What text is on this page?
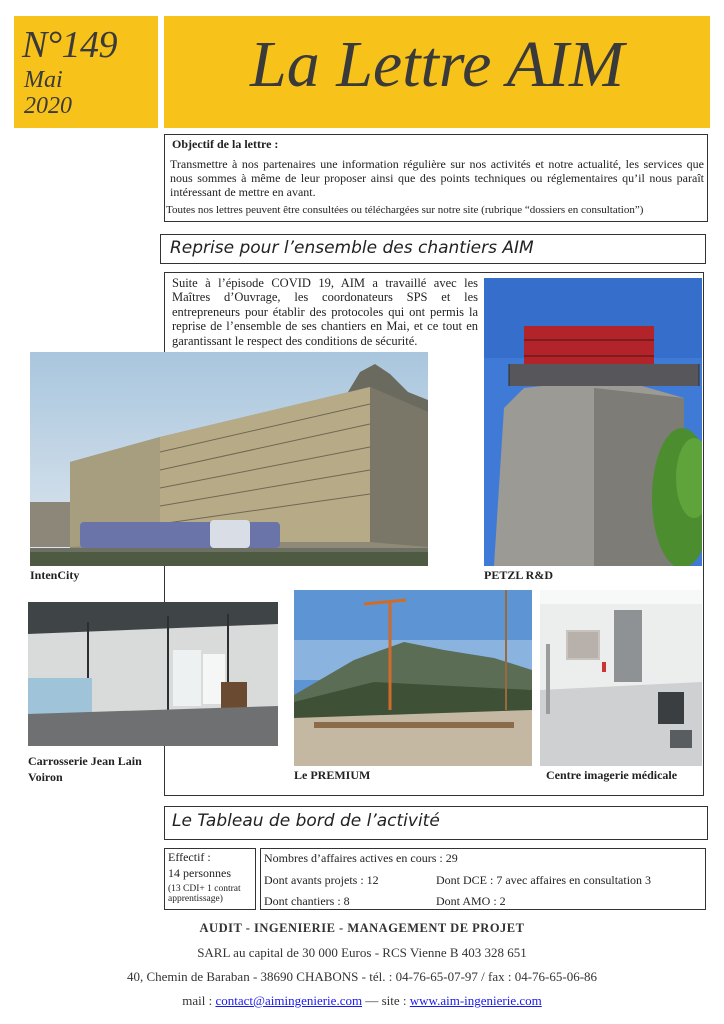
N°149
Mai
2020
La Lettre AIM
Objectif de la lettre :
Transmettre à nos partenaires une information régulière sur nos activités et notre actualité, les services que nous sommes à même de leur proposer ainsi que des points techniques ou réglementaires qu’il nous paraît intéressant de mettre en avant.
Toutes nos lettres peuvent être consultées ou téléchargées sur notre site (rubrique “dossiers en consultation”)
Reprise pour l’ensemble des chantiers AIM
Suite à l’épisode COVID 19, AIM a travaillé avec les Maîtres d’Ouvrage, les coordonateurs SPS et les entrepreneurs pour établir des protocoles qui ont permis la reprise de l’ensemble de ses chantiers en Mai, et ce tout en garantissant le respect des conditions de sécurité.
IntenCity	PETZL R&D
Carrosserie Jean Lain
Voiron	Le PREMIUM	Centre imagerie médicale
Le Tableau de bord de l’activité
Effectif :
14 personnes
(13 CDI+ 1 contrat apprentissage)
Nombres d’affaires actives en cours : 29
Dont avants projets : 12	Dont DCE : 7 avec affaires en consultation 3
Dont chantiers : 8	Dont AMO : 2
AUDIT - INGENIERIE - MANAGEMENT DE PROJET
SARL au capital de 30 000 Euros - RCS Vienne B 403 328 651
40, Chemin de Baraban - 38690 CHABONS - tél. : 04-76-65-07-97 / fax : 04-76-65-06-86
mail : contact@aimingenierie.com — site : www.aim-ingenierie.com
